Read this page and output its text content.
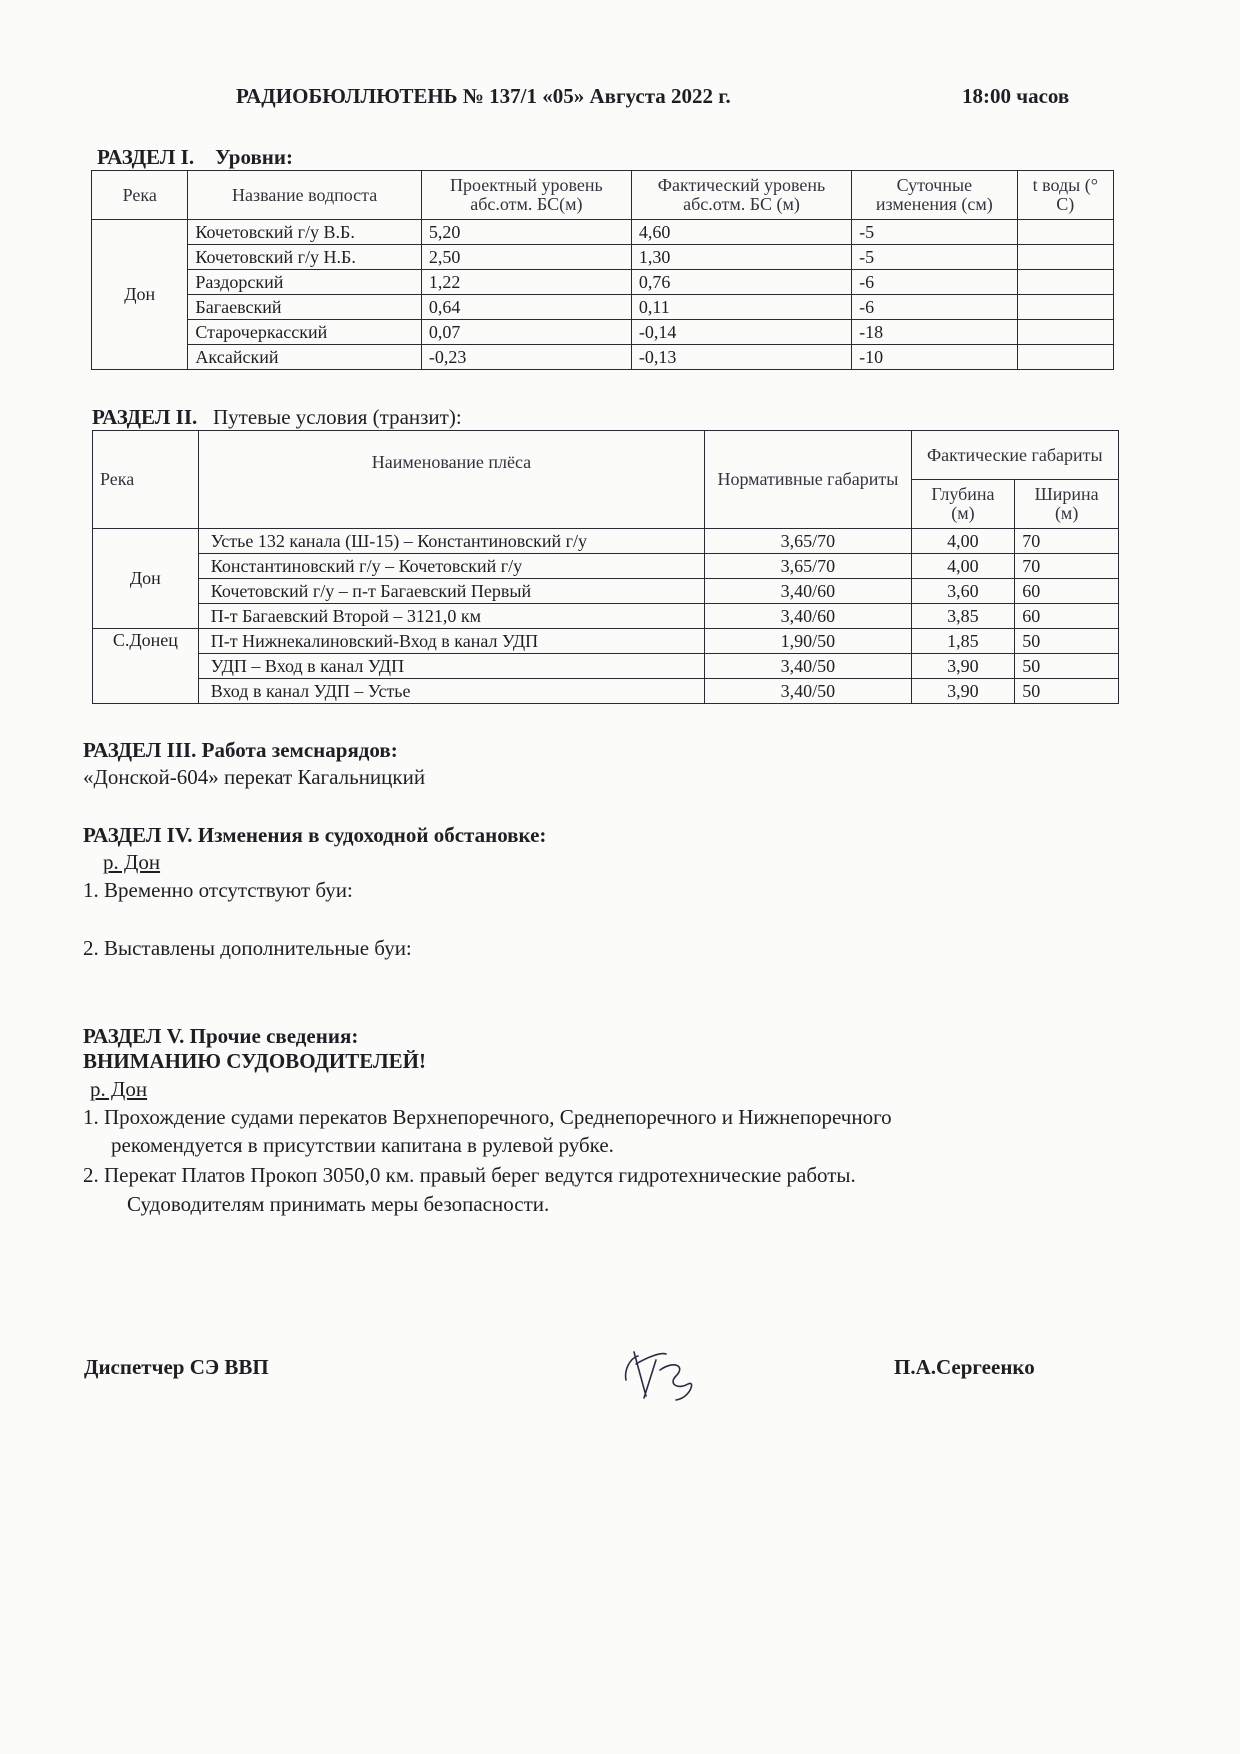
РАДИОБЮЛЛЮТЕНЬ № 137/1 «05» Августа 2022 г.	18:00 часов
РАЗДЕЛ I. Уровни:
Река	Название водпоста	Проектный уровень абс.отм. БС(м)	Фактический уровень абс.отм. БС (м)	Суточные изменения (см)	t воды (° С)
Дон	Кочетовский г/у В.Б.	5,20	4,60	-5	
	Кочетовский г/у Н.Б.	2,50	1,30	-5	
	Раздорский	1,22	0,76	-6	
	Багаевский	0,64	0,11	-6	
	Старочеркасский	0,07	-0,14	-18	
	Аксайский	-0,23	-0,13	-10	
РАЗДЕЛ II. Путевые условия (транзит):
Река	Наименование плёса	Нормативные габариты	Фактические габариты	
			Глубина (м)	Ширина (м)
Дон	Устье 132 канала (Ш-15) – Константиновский г/у	3,65/70	4,00	70
	Константиновский г/у – Кочетовский г/у	3,65/70	4,00	70
	Кочетовский г/у – п-т Багаевский Первый	3,40/60	3,60	60
	П-т Багаевский Второй – 3121,0 км	3,40/60	3,85	60
С.Донец	П-т Нижнекалиновский-Вход в канал УДП	1,90/50	1,85	50
	УДП – Вход в канал УДП	3,40/50	3,90	50
	Вход в канал УДП – Устье	3,40/50	3,90	50
РАЗДЕЛ III. Работа земснарядов:
«Донской-604» перекат Кагальницкий
РАЗДЕЛ IV. Изменения в судоходной обстановке:
р. Дон
1. Временно отсутствуют буи:
2. Выставлены дополнительные буи:
РАЗДЕЛ V. Прочие сведения:
ВНИМАНИЮ СУДОВОДИТЕЛЕЙ!
р. Дон
1. Прохождение судами перекатов Верхнепоречного, Среднепоречного и Нижнепоречного
рекомендуется в присутствии капитана в рулевой рубке.
2. Перекат Платов Прокоп 3050,0 км. правый берег ведутся гидротехнические работы.
Судоводителям принимать меры безопасности.
Диспетчер СЭ ВВП	П.А.Сергеенко
